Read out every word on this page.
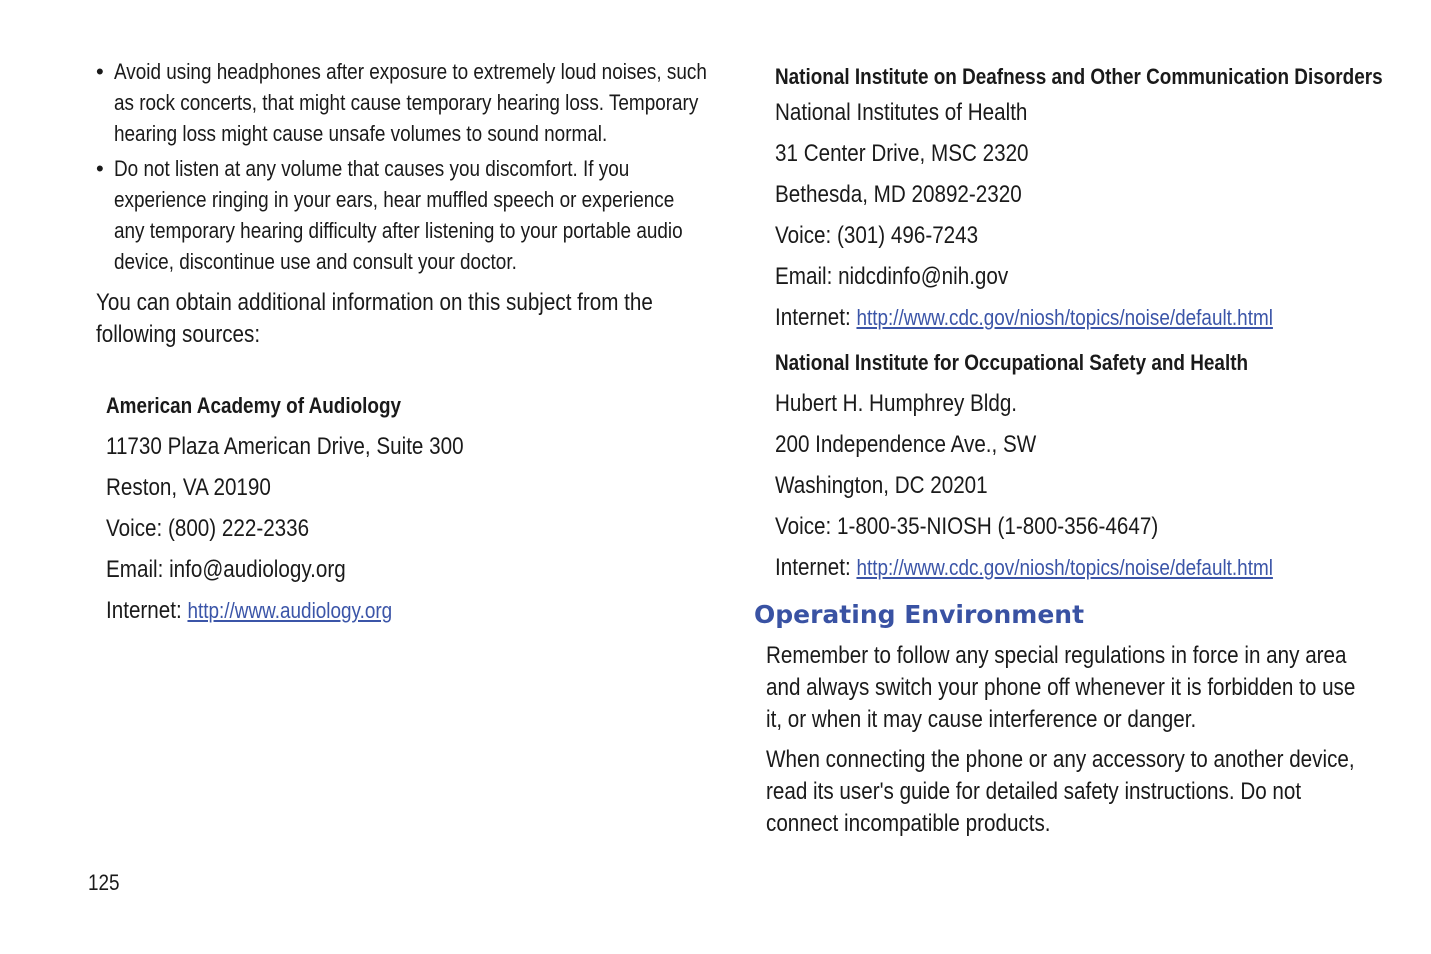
• Avoid using headphones after exposure to extremely loud noises, such
as rock concerts, that might cause temporary hearing loss. Temporary
hearing loss might cause unsafe volumes to sound normal.
• Do not listen at any volume that causes you discomfort. If you
experience ringing in your ears, hear muffled speech or experience
any temporary hearing difficulty after listening to your portable audio
device, discontinue use and consult your doctor.
You can obtain additional information on this subject from the
following sources:
American Academy of Audiology
11730 Plaza American Drive, Suite 300
Reston, VA 20190
Voice: (800) 222-2336
Email: info@audiology.org
Internet: http://www.audiology.org
National Institute on Deafness and Other Communication Disorders
National Institutes of Health
31 Center Drive, MSC 2320
Bethesda, MD 20892-2320
Voice: (301) 496-7243
Email: nidcdinfo@nih.gov
Internet: http://www.cdc.gov/niosh/topics/noise/default.html
National Institute for Occupational Safety and Health
Hubert H. Humphrey Bldg.
200 Independence Ave., SW
Washington, DC 20201
Voice: 1-800-35-NIOSH (1-800-356-4647)
Internet: http://www.cdc.gov/niosh/topics/noise/default.html
Operating Environment
Remember to follow any special regulations in force in any area
and always switch your phone off whenever it is forbidden to use
it, or when it may cause interference or danger.
When connecting the phone or any accessory to another device,
read its user's guide for detailed safety instructions. Do not
connect incompatible products.
125
